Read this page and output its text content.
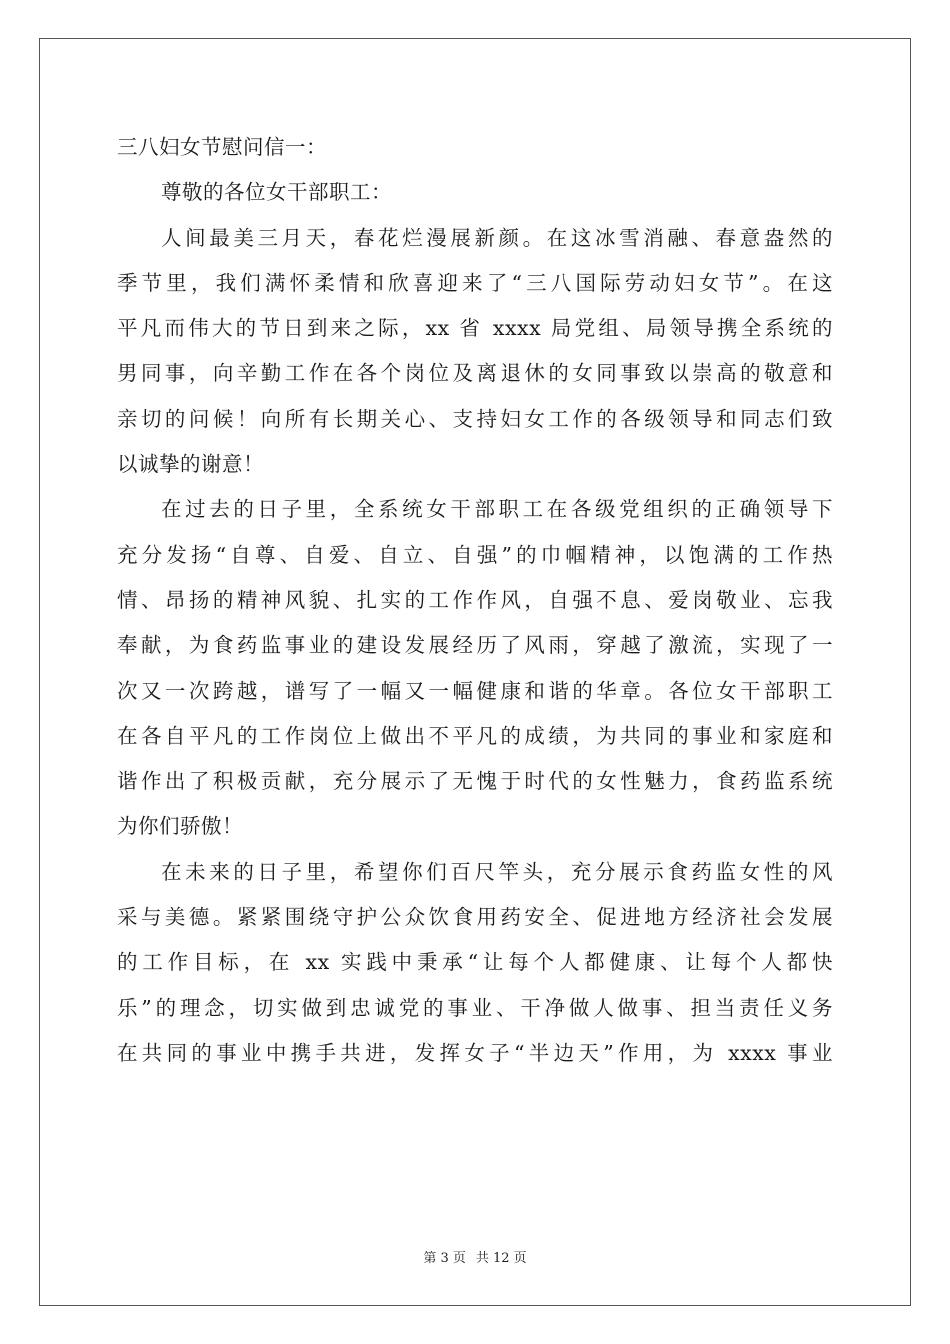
三八妇女节慰问信一：
尊敬的各位女干部职工：
人间最美三月天，春花烂漫展新颜。在这冰雪消融、春意盎然的
季节里，我们满怀柔情和欣喜迎来了“三八国际劳动妇女节”。在这
平凡而伟大的节日到来之际，xx 省 xxxx 局党组、局领导携全系统的
男同事，向辛勤工作在各个岗位及离退休的女同事致以崇高的敬意和
亲切的问候！向所有长期关心、支持妇女工作的各级领导和同志们致
以诚挚的谢意！
在过去的日子里，全系统女干部职工在各级党组织的正确领导下
充分发扬“自尊、自爱、自立、自强”的巾帼精神，以饱满的工作热
情、昂扬的精神风貌、扎实的工作作风，自强不息、爱岗敬业、忘我
奉献，为食药监事业的建设发展经历了风雨，穿越了激流，实现了一
次又一次跨越，谱写了一幅又一幅健康和谐的华章。各位女干部职工
在各自平凡的工作岗位上做出不平凡的成绩，为共同的事业和家庭和
谐作出了积极贡献，充分展示了无愧于时代的女性魅力，食药监系统
为你们骄傲！
在未来的日子里，希望你们百尺竿头，充分展示食药监女性的风
采与美德。紧紧围绕守护公众饮食用药安全、促进地方经济社会发展
的工作目标，在 xx 实践中秉承“让每个人都健康、让每个人都快
乐”的理念，切实做到忠诚党的事业、干净做人做事、担当责任义务
在共同的事业中携手共进，发挥女子“半边天”作用，为 xxxx 事业
第 3 页 共 12 页
